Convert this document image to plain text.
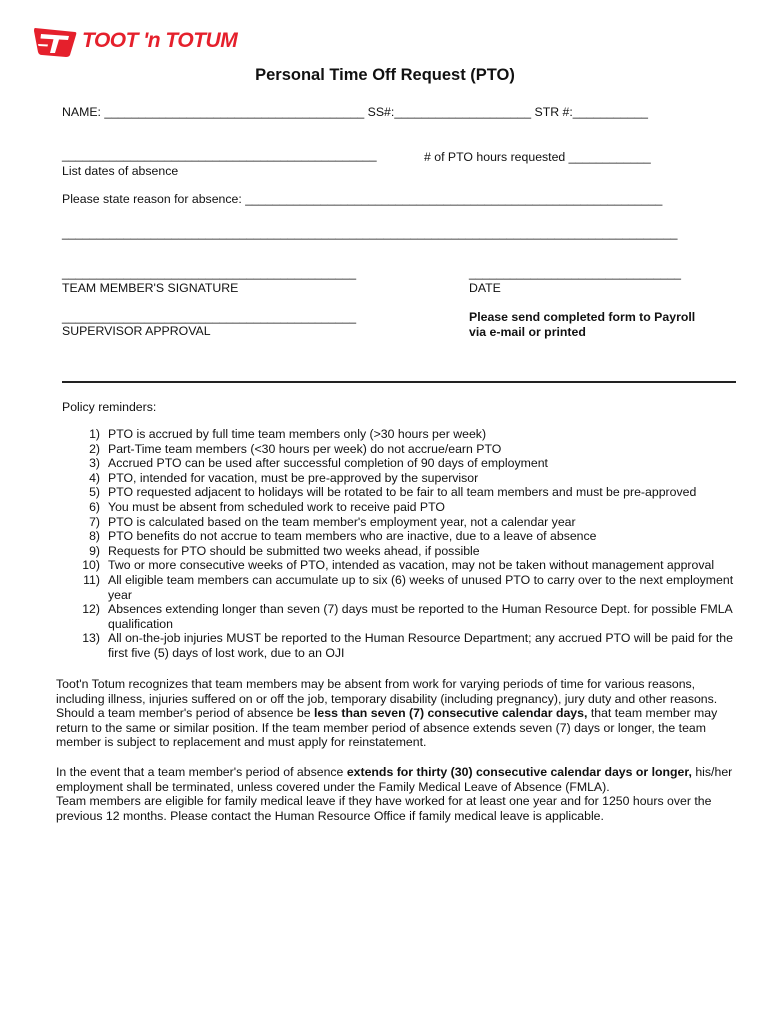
TOOT 'n TOTUM
Personal Time Off Request (PTO)
NAME: ______________________________________ SS#:____________________ STR #:___________
______________________________________________
List dates of absence
# of PTO hours requested ____________
Please state reason for absence: _____________________________________________________________
__________________________________________________________________________________________
___________________________________________
TEAM MEMBER'S SIGNATURE
_______________________________
DATE
___________________________________________
SUPERVISOR APPROVAL
Please send completed form to Payroll
via e-mail or printed
Policy reminders:
1) PTO is accrued by full time team members only (>30 hours per week)
2) Part-Time team members (<30 hours per week) do not accrue/earn PTO
3) Accrued PTO can be used after successful completion of 90 days of employment
4) PTO, intended for vacation, must be pre-approved by the supervisor
5) PTO requested adjacent to holidays will be rotated to be fair to all team members and must be pre-approved
6) You must be absent from scheduled work to receive paid PTO
7) PTO is calculated based on the team member's employment year, not a calendar year
8) PTO benefits do not accrue to team members who are inactive, due to a leave of absence
9) Requests for PTO should be submitted two weeks ahead, if possible
10) Two or more consecutive weeks of PTO, intended as vacation, may not be taken without management approval
11) All eligible team members can accumulate up to six (6) weeks of unused PTO to carry over to the next employment year
12) Absences extending longer than seven (7) days must be reported to the Human Resource Dept. for possible FMLA qualification
13) All on-the-job injuries MUST be reported to the Human Resource Department; any accrued PTO will be paid for the first five (5) days of lost work, due to an OJI
Toot'n Totum recognizes that team members may be absent from work for varying periods of time for various reasons, including illness, injuries suffered on or off the job, temporary disability (including pregnancy), jury duty and other reasons. Should a team member's period of absence be less than seven (7) consecutive calendar days, that team member may return to the same or similar position. If the team member period of absence extends seven (7) days or longer, the team member is subject to replacement and must apply for reinstatement.
In the event that a team member's period of absence extends for thirty (30) consecutive calendar days or longer, his/her employment shall be terminated, unless covered under the Family Medical Leave of Absence (FMLA).
Team members are eligible for family medical leave if they have worked for at least one year and for 1250 hours over the previous 12 months. Please contact the Human Resource Office if family medical leave is applicable.
